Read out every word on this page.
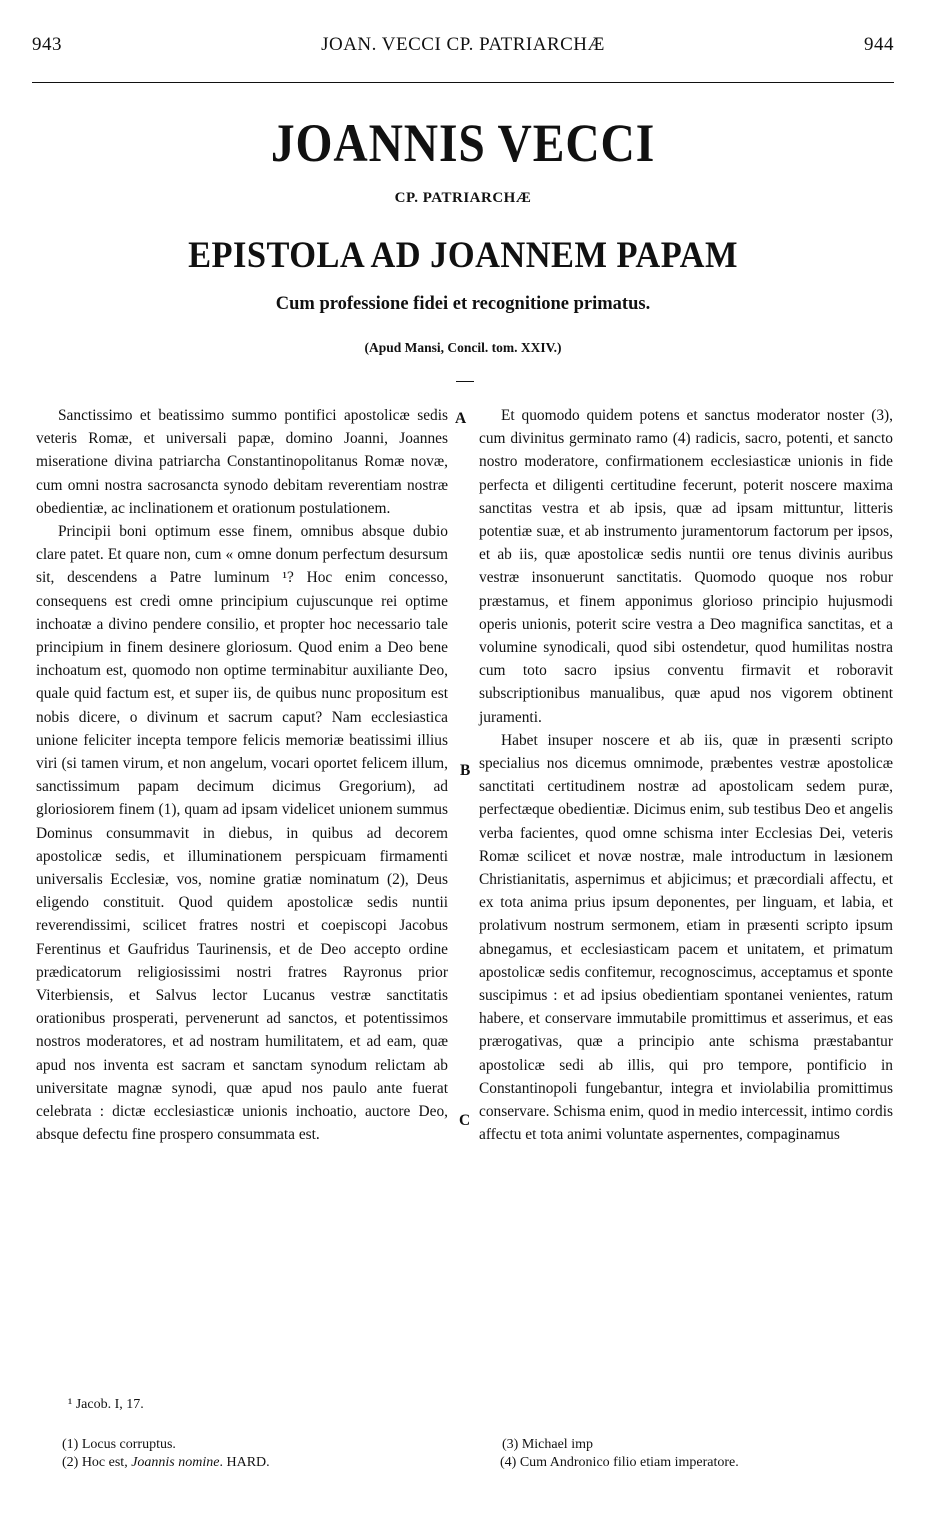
943	JOAN. VECCI CP. PATRIARCHÆ	944
JOANNIS VECCI
CP. PATRIARCHÆ
EPISTOLA AD JOANNEM PAPAM
Cum professione fidei et recognitione primatus.
(Apud Mansi, Concil. tom. XXIV.)

Sanctissimo et beatissimo summo pontifici apostolicæ sedis veteris Romæ, et universali papæ, domino Joanni, Joannes miseratione divina patriarcha Constantinopolitanus Romæ novæ, cum omni nostra sacrosancta synodo debitam reverentiam nostræ obedientiæ, ac inclinationem et orationum postulationem.

Principii boni optimum esse finem, omnibus absque dubio clare patet. Et quare non, cum « omne donum perfectum desursum sit, descendens a Patre luminum ¹? Hoc enim concesso, consequens est credi omne principium cujuscunque rei optime inchoatæ a divino pendere consilio, et propter hoc necessario tale principium in finem desinere gloriosum. Quod enim a Deo bene inchoatum est, quomodo non optime terminabitur auxiliante Deo, quale quid factum est, et super iis, de quibus nunc propositum est nobis dicere, o divinum et sacrum caput? Nam ecclesiastica unione feliciter incepta tempore felicis memoriæ beatissimi illius viri (si tamen virum, et non angelum, vocari oportet felicem illum, sanctissimum papam decimum dicimus Gregorium), ad gloriosiorem finem (1), quam ad ipsam videlicet unionem summus Dominus consummavit in diebus, in quibus ad decorem apostolicæ sedis, et illuminationem perspicuam firmamenti universalis Ecclesiæ, vos, nomine gratiæ nominatum (2), Deus eligendo constituit. Quod quidem apostolicæ sedis nuntii reverendissimi, scilicet fratres nostri et coepiscopi Jacobus Ferentinus et Gaufridus Taurinensis, et de Deo accepto ordine prædicatorum religiosissimi nostri fratres Rayronus prior Viterbiensis, et Salvus lector Lucanus vestræ sanctitatis orationibus prosperati, pervenerunt ad sanctos, et potentissimos nostros moderatores, et ad nostram humilitatem, et ad eam, quæ apud nos inventa est sacram et sanctam synodum relictam ab universitate magnæ synodi, quæ apud nos paulo ante fuerat celebrata : dictæ ecclesiasticæ unionis inchoatio, auctore Deo, absque defectu fine prospero consummata est.

Et quomodo quidem potens et sanctus moderator noster (3), cum divinitus germinato ramo (4) radicis, sacro, potenti, et sancto nostro moderatore, confirmationem ecclesiasticæ unionis in fide perfecta et diligenti certitudine fecerunt, poterit noscere maxima sanctitas vestra et ab ipsis, quæ ad ipsam mittuntur, litteris potentiæ suæ, et ab instrumento juramentorum factorum per ipsos, et ab iis, quæ apostolicæ sedis nuntii ore tenus divinis auribus vestræ insonuerunt sanctitatis. Quomodo quoque nos robur præstamus, et finem apponimus glorioso principio hujusmodi operis unionis, poterit scire vestra a Deo magnifica sanctitas, et a volumine synodicali, quod sibi ostendetur, quod humilitas nostra cum toto sacro ipsius conventu firmavit et roboravit subscriptionibus manualibus, quæ apud nos vigorem obtinent juramenti.

Habet insuper noscere et ab iis, quæ in præsenti scripto specialius nos dicemus omnimode, præbentes vestræ apostolicæ sanctitati certitudinem nostræ ad apostolicam sedem puræ, perfectæque obedientiæ. Dicimus enim, sub testibus Deo et angelis verba facientes, quod omne schisma inter Ecclesias Dei, veteris Romæ scilicet et novæ nostræ, male introductum in læsionem Christianitatis, aspernimus et abjicimus; et præcordiali affectu, et ex tota anima prius ipsum deponentes, per linguam, et labia, et prolativum nostrum sermonem, etiam in præsenti scripto ipsum abnegamus, et ecclesiasticam pacem et unitatem, et primatum apostolicæ sedis confitemur, recognoscimus, acceptamus et sponte suscipimus : et ad ipsius obedientiam spontanei venientes, ratum habere, et conservare immutabile promittimus et asserimus, et eas prærogativas, quæ a principio ante schisma præstabantur apostolicæ sedi ab illis, qui pro tempore, pontificio in Constantinopoli fungebantur, integra et inviolabilia promittimus conservare. Schisma enim, quod in medio intercessit, intimo cordis affectu et tota animi voluntate aspernentes, compaginamus

A
B
C
¹ Jacob. I, 17.
(1) Locus corruptus.
(2) Hoc est, Joannis nomine. HARD.
(3) Michael imp
(4) Cum Andronico filio etiam imperatore.
